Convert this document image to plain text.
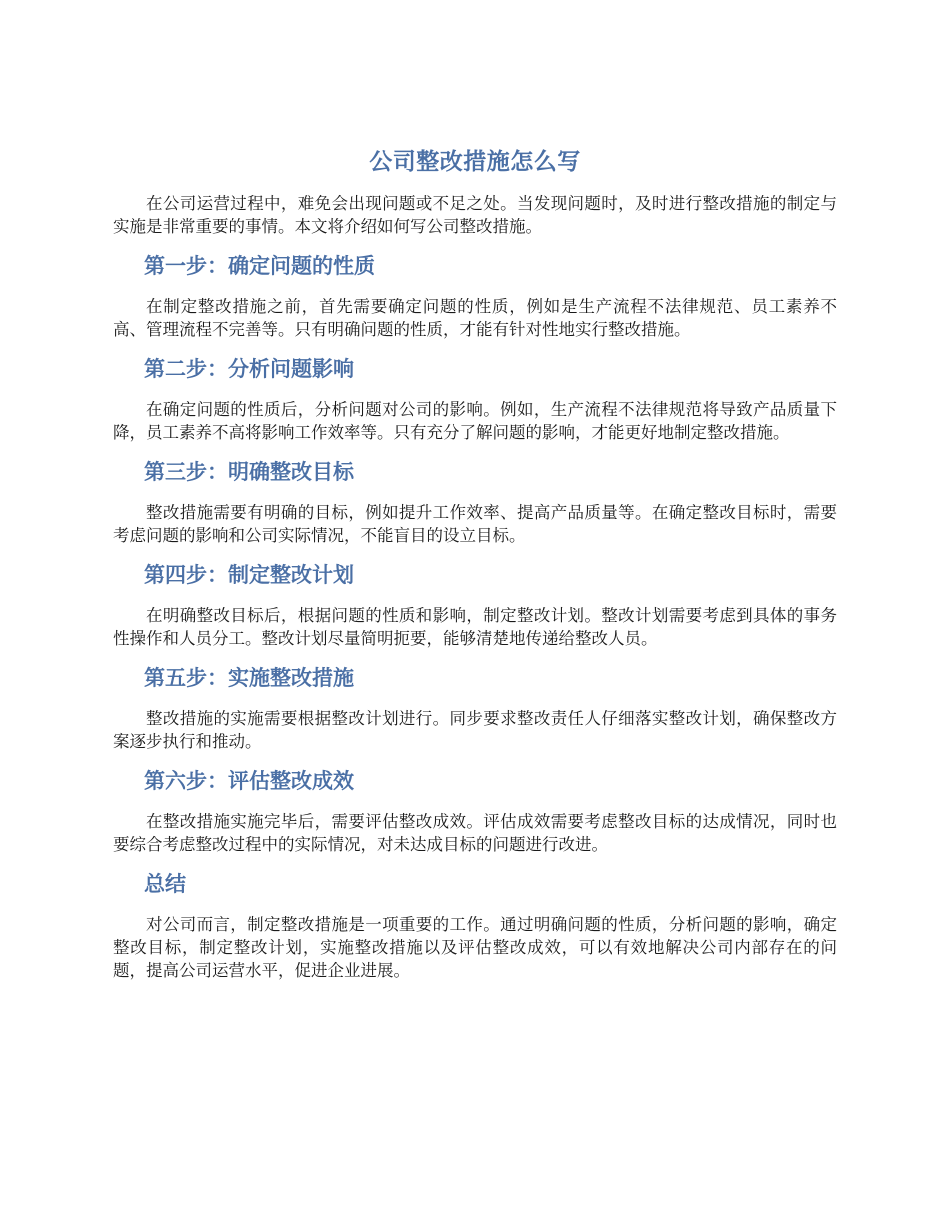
公司整改措施怎么写

在公司运营过程中，难免会出现问题或不足之处。当发现问题时，及时进行整改措施的制定与实施是非常重要的事情。本文将介绍如何写公司整改措施。

第一步：确定问题的性质

在制定整改措施之前，首先需要确定问题的性质，例如是生产流程不法律规范、员工素养不高、管理流程不完善等。只有明确问题的性质，才能有针对性地实行整改措施。

第二步：分析问题影响

在确定问题的性质后，分析问题对公司的影响。例如，生产流程不法律规范将导致产品质量下降，员工素养不高将影响工作效率等。只有充分了解问题的影响，才能更好地制定整改措施。

第三步：明确整改目标

整改措施需要有明确的目标，例如提升工作效率、提高产品质量等。在确定整改目标时，需要考虑问题的影响和公司实际情况，不能盲目的设立目标。

第四步：制定整改计划

在明确整改目标后，根据问题的性质和影响，制定整改计划。整改计划需要考虑到具体的事务性操作和人员分工。整改计划尽量简明扼要，能够清楚地传递给整改人员。

第五步：实施整改措施

整改措施的实施需要根据整改计划进行。同步要求整改责任人仔细落实整改计划，确保整改方案逐步执行和推动。

第六步：评估整改成效

在整改措施实施完毕后，需要评估整改成效。评估成效需要考虑整改目标的达成情况，同时也要综合考虑整改过程中的实际情况，对未达成目标的问题进行改进。

总结

对公司而言，制定整改措施是一项重要的工作。通过明确问题的性质，分析问题的影响，确定整改目标，制定整改计划，实施整改措施以及评估整改成效，可以有效地解决公司内部存在的问题，提高公司运营水平，促进企业进展。
